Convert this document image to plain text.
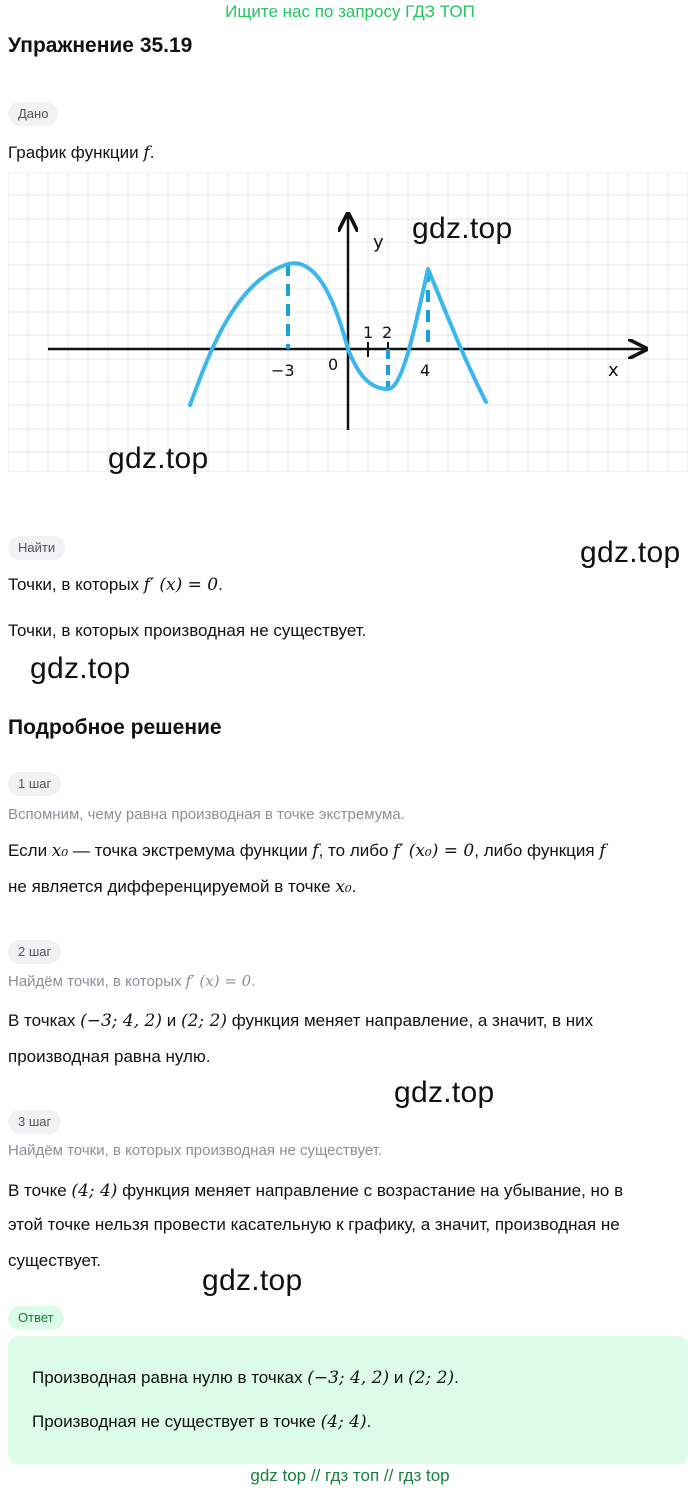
Ищите нас по запросу ГДЗ ТОП
Упражнение 35.19
Дано
График функции f.
y
x
0
−3
1 2
4
gdz.top
gdz.top
gdz.top
gdz.top
gdz.top
gdz.top
Найти
Точки, в которых f′ (x) = 0.
Точки, в которых производная не существует.
Подробное решение
1 шаг
Вспомним, чему равна производная в точке экстремума.
Если x₀ — точка экстремума функции f, то либо f′ (x₀) = 0, либо функция f
не является дифференцируемой в точке x₀.
2 шаг
Найдём точки, в которых f′ (x) = 0.
В точках (−3; 4, 2) и (2; 2) функция меняет направление, а значит, в них
производная равна нулю.
3 шаг
Найдём точки, в которых производная не существует.
В точке (4; 4) функция меняет направление с возрастание на убывание, но в
этой точке нельзя провести касательную к графику, а значит, производная не
существует.
Ответ
Производная равна нулю в точках (−3; 4, 2) и (2; 2).
Производная не существует в точке (4; 4).
gdz top // гдз топ // гдз top
